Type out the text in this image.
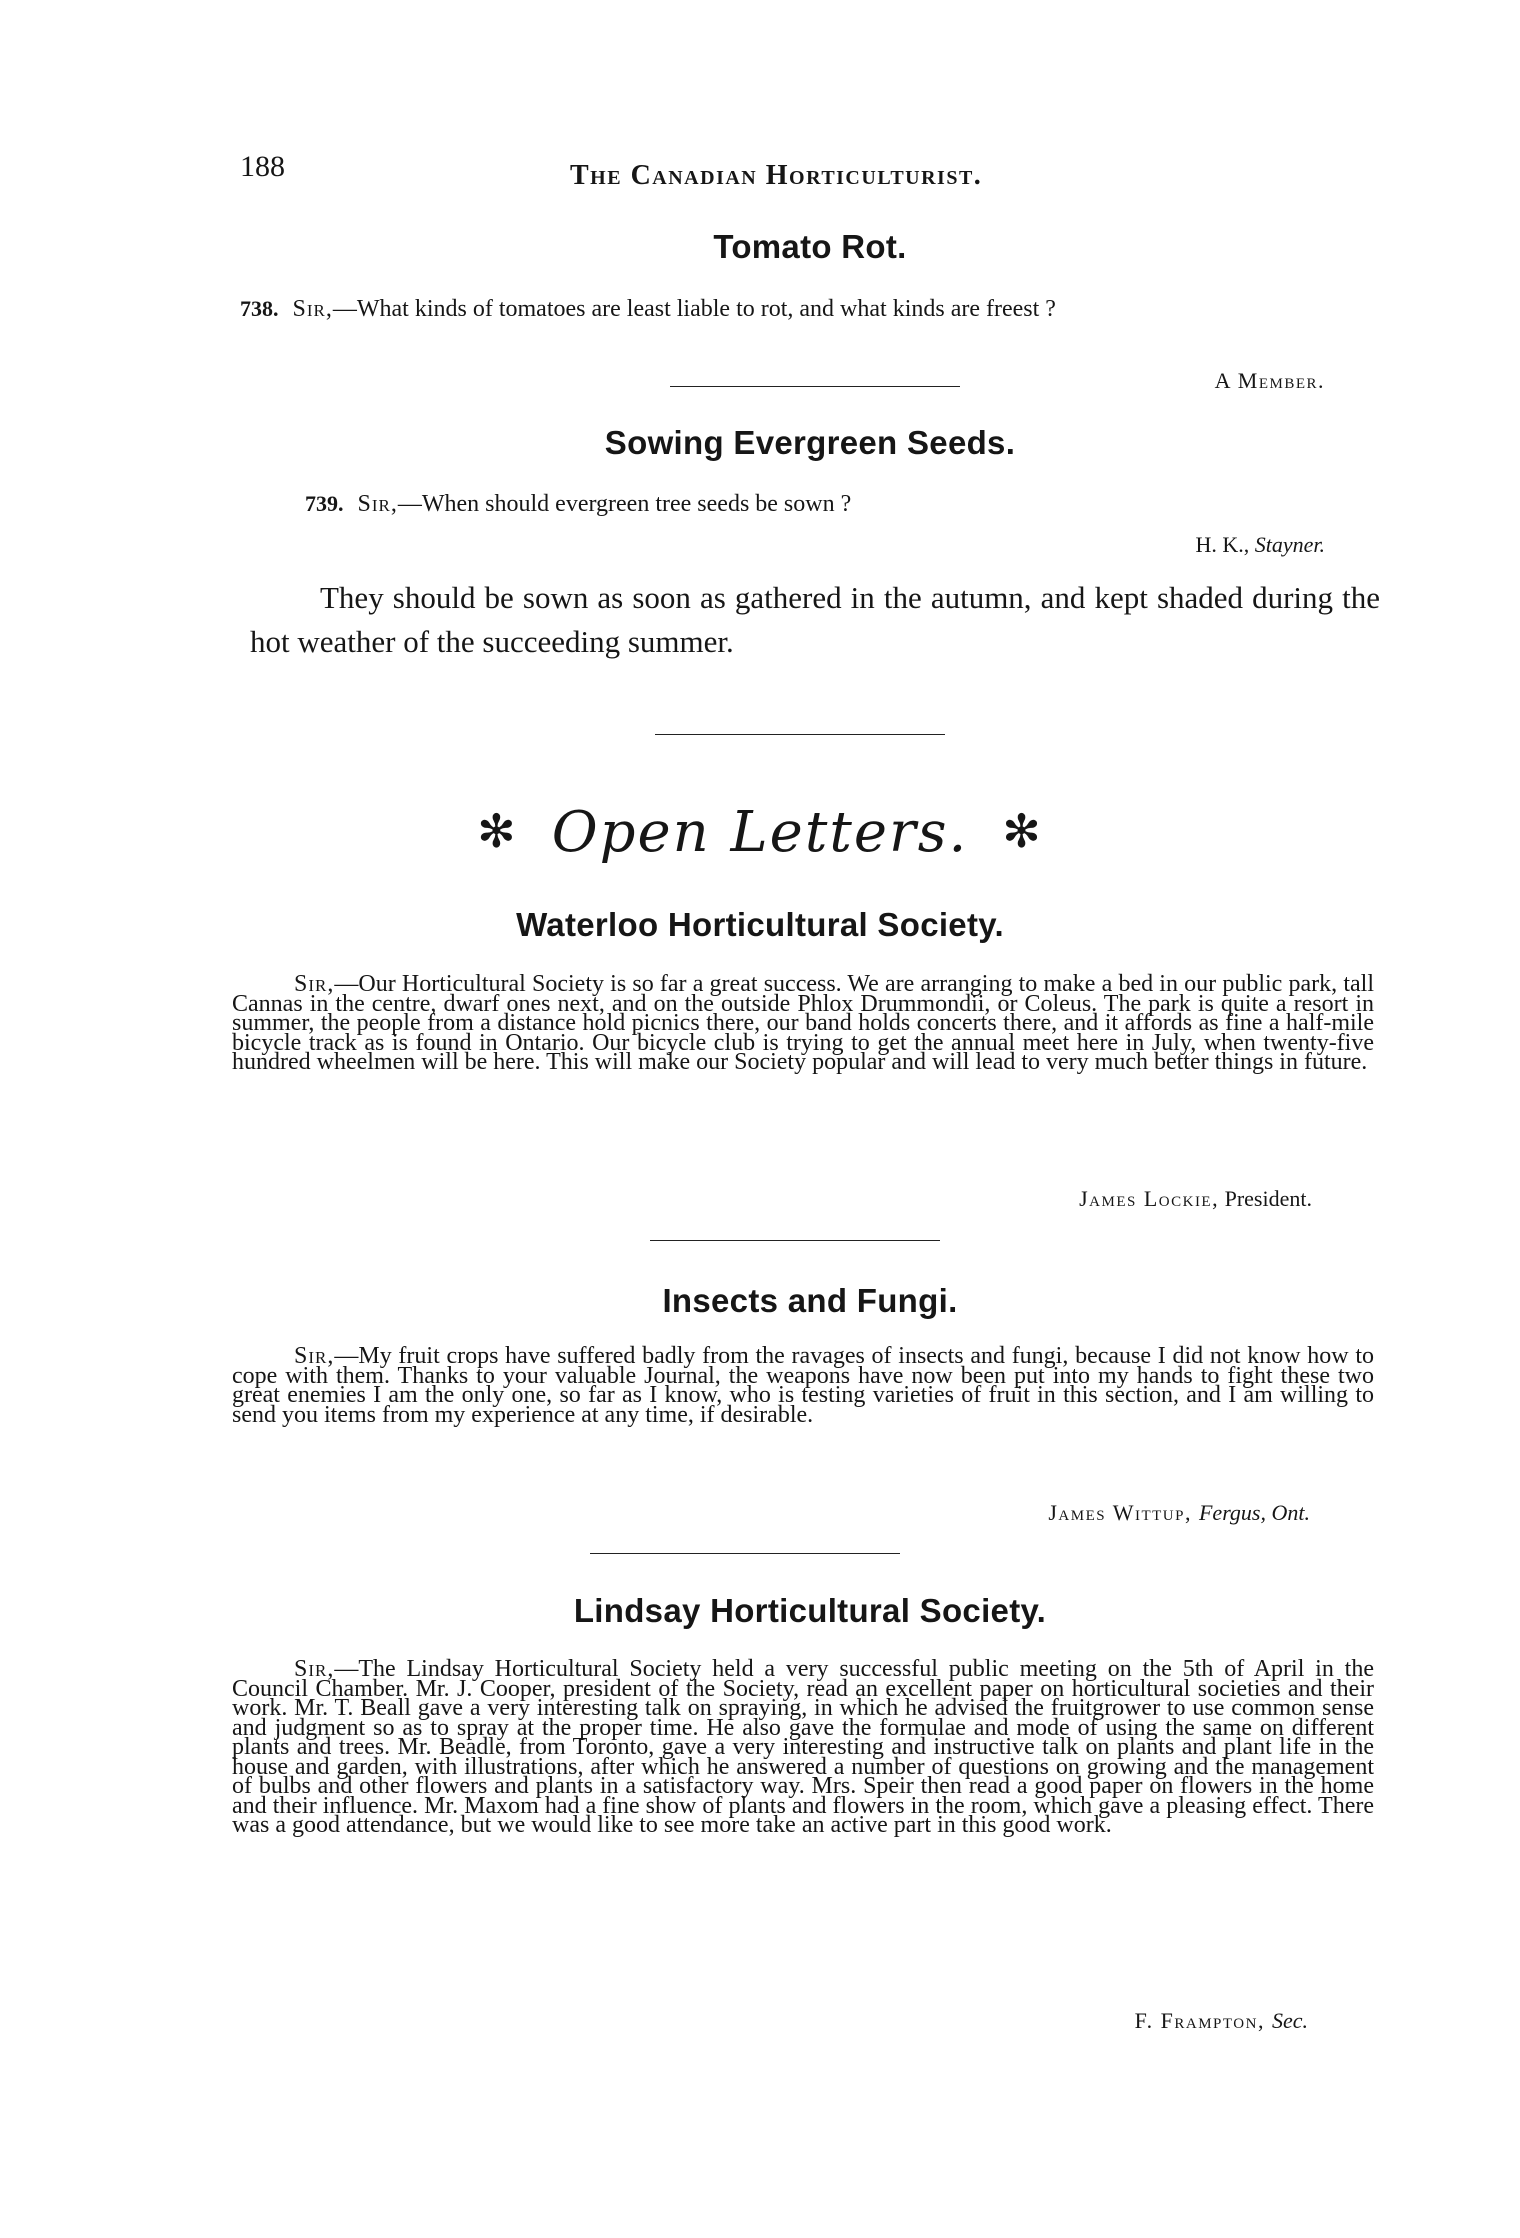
188	The Canadian Horticulturist.
Tomato Rot.
738. Sir,—What kinds of tomatoes are least liable to rot, and what kinds are freest ?
A Member.
Sowing Evergreen Seeds.
739. Sir,—When should evergreen tree seeds be sown ?
H. K., Stayner.
They should be sown as soon as gathered in the autumn, and kept shaded during the hot weather of the succeeding summer.
✻ Open Letters. ✻
Waterloo Horticultural Society.
Sir,—Our Horticultural Society is so far a great success. We are arranging to make a bed in our public park, tall Cannas in the centre, dwarf ones next, and on the outside Phlox Drummondii, or Coleus. The park is quite a resort in summer, the people from a distance hold picnics there, our band holds concerts there, and it affords as fine a half-mile bicycle track as is found in Ontario. Our bicycle club is trying to get the annual meet here in July, when twenty-five hundred wheelmen will be here. This will make our Society popular and will lead to very much better things in future.
James Lockie, President.
Insects and Fungi.
Sir,—My fruit crops have suffered badly from the ravages of insects and fungi, because I did not know how to cope with them. Thanks to your valuable Journal, the weapons have now been put into my hands to fight these two great enemies I am the only one, so far as I know, who is testing varieties of fruit in this section, and I am willing to send you items from my experience at any time, if desirable.
James Wittup, Fergus, Ont.
Lindsay Horticultural Society.
Sir,—The Lindsay Horticultural Society held a very successful public meeting on the 5th of April in the Council Chamber. Mr. J. Cooper, president of the Society, read an excellent paper on horticultural societies and their work. Mr. T. Beall gave a very interesting talk on spraying, in which he advised the fruitgrower to use common sense and judgment so as to spray at the proper time. He also gave the formulae and mode of using the same on different plants and trees. Mr. Beadle, from Toronto, gave a very interesting and instructive talk on plants and plant life in the house and garden, with illustrations, after which he answered a number of questions on growing and the management of bulbs and other flowers and plants in a satisfactory way. Mrs. Speir then read a good paper on flowers in the home and their influence. Mr. Maxom had a fine show of plants and flowers in the room, which gave a pleasing effect. There was a good attendance, but we would like to see more take an active part in this good work.
F. Frampton, Sec.
